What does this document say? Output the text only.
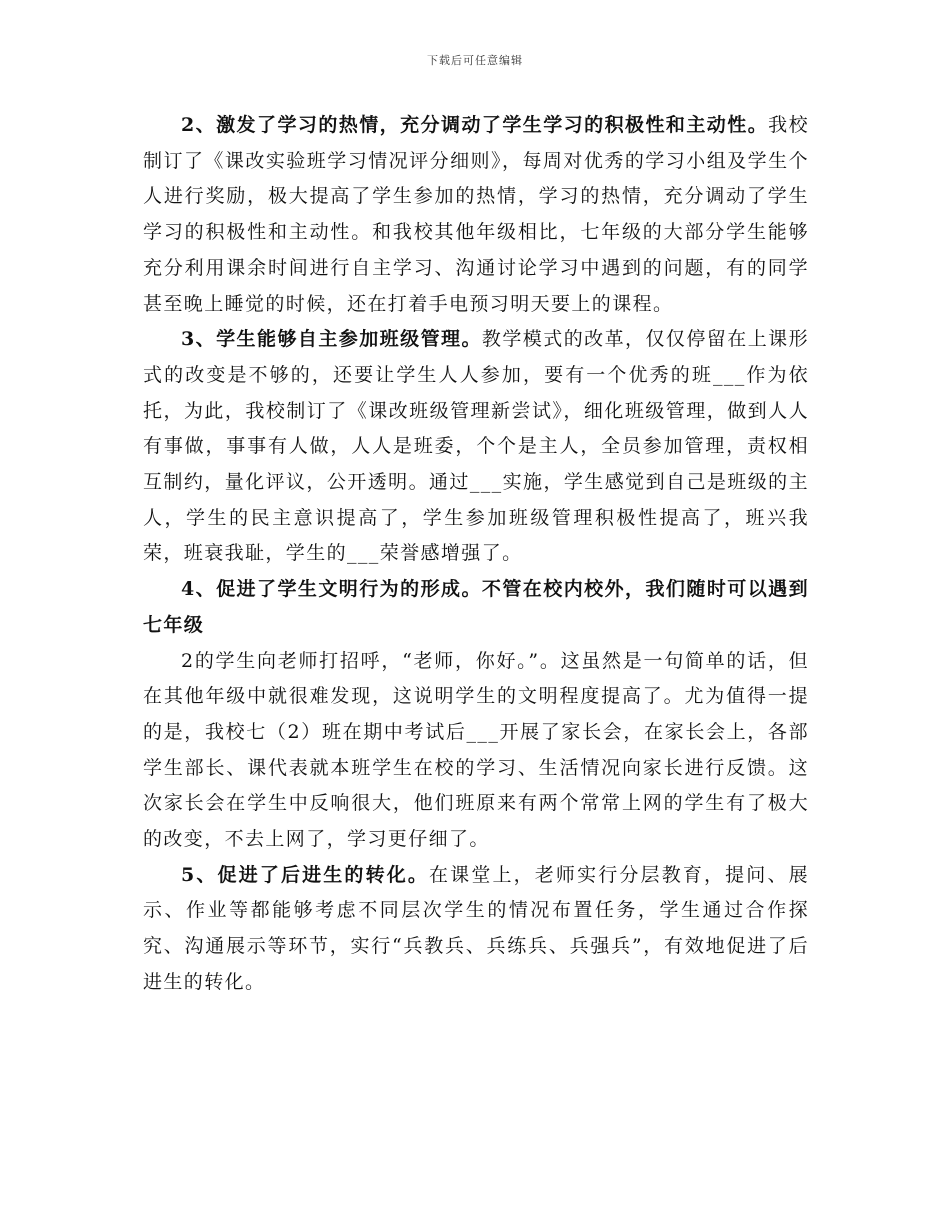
下载后可任意编辑

2、激发了学习的热情，充分调动了学生学习的积极性和主动性。我校制订了《课改实验班学习情况评分细则》，每周对优秀的学习小组及学生个人进行奖励，极大提高了学生参加的热情，学习的热情，充分调动了学生学习的积极性和主动性。和我校其他年级相比，七年级的大部分学生能够充分利用课余时间进行自主学习、沟通讨论学习中遇到的问题，有的同学甚至晚上睡觉的时候，还在打着手电预习明天要上的课程。

3、学生能够自主参加班级管理。教学模式的改革，仅仅停留在上课形式的改变是不够的，还要让学生人人参加，要有一个优秀的班___作为依托，为此，我校制订了《课改班级管理新尝试》，细化班级管理，做到人人有事做，事事有人做，人人是班委，个个是主人，全员参加管理，责权相互制约，量化评议，公开透明。通过___实施，学生感觉到自己是班级的主人，学生的民主意识提高了，学生参加班级管理积极性提高了，班兴我荣，班衰我耻，学生的___荣誉感增强了。

4、促进了学生文明行为的形成。不管在校内校外，我们随时可以遇到七年级

2的学生向老师打招呼，“老师，你好。”。这虽然是一句简单的话，但在其他年级中就很难发现，这说明学生的文明程度提高了。尤为值得一提的是，我校七（2）班在期中考试后___开展了家长会，在家长会上，各部学生部长、课代表就本班学生在校的学习、生活情况向家长进行反馈。这次家长会在学生中反响很大，他们班原来有两个常常上网的学生有了极大的改变，不去上网了，学习更仔细了。

5、促进了后进生的转化。在课堂上，老师实行分层教育，提问、展示、作业等都能够考虑不同层次学生的情况布置任务，学生通过合作探究、沟通展示等环节，实行“兵教兵、兵练兵、兵强兵”，有效地促进了后进生的转化。
